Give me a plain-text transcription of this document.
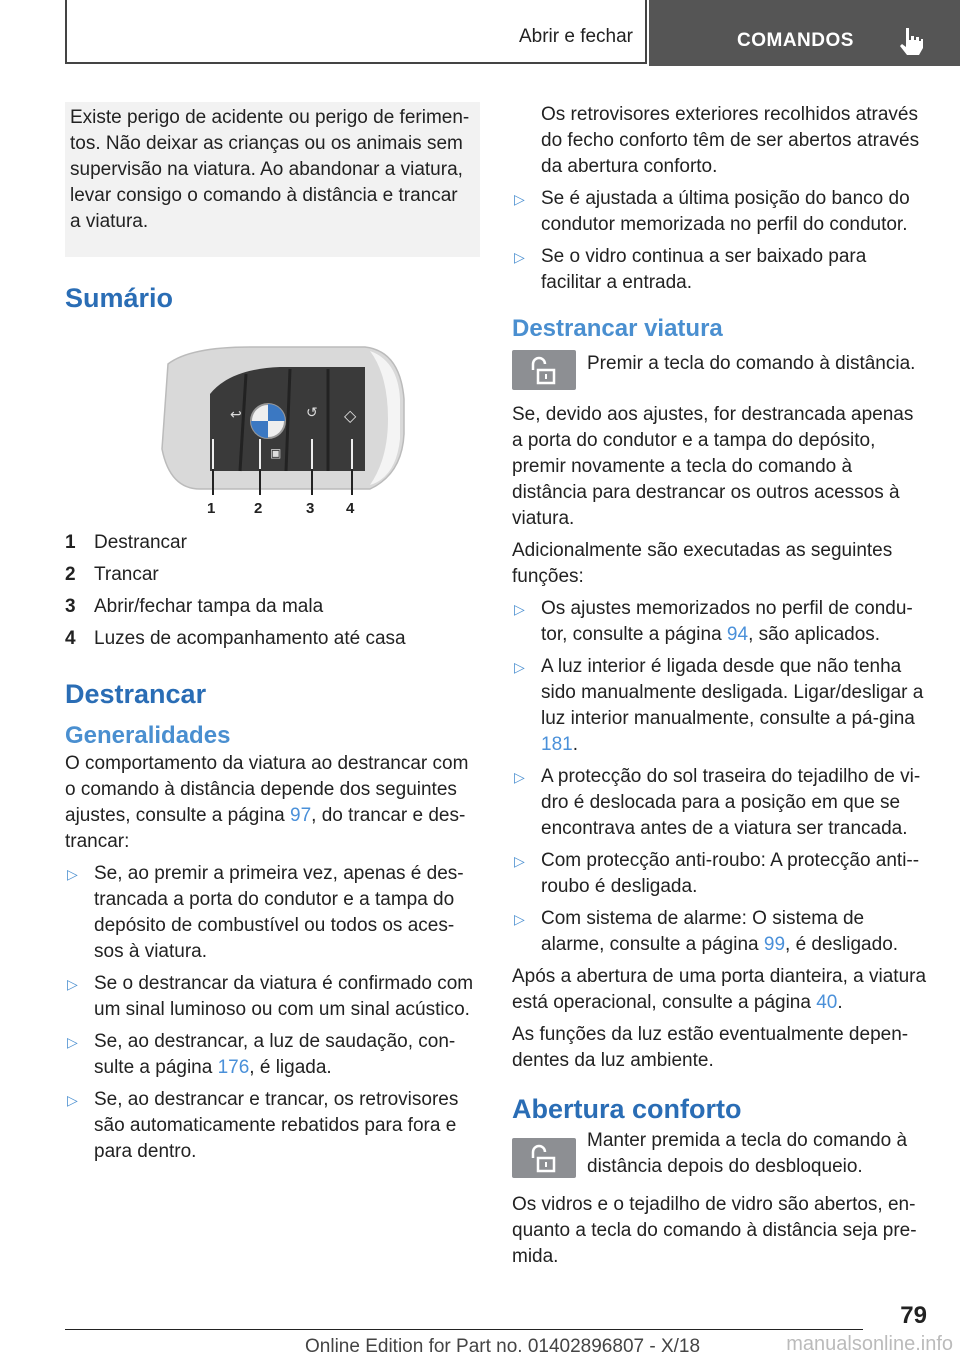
Abrir e fechar	COMANDOS

Existe perigo de acidente ou perigo de ferimen-tos. Não deixar as crianças ou os animais sem supervisão na viatura. Ao abandonar a viatura, levar consigo o comando à distância e trancar a viatura.

Sumário
↩
▣
↺ ◇
1	2	3 4
1 Destrancar
2 Trancar
3 Abrir/fechar tampa da mala
4 Luzes de acompanhamento até casa
Destrancar
Generalidades

O comportamento da viatura ao destrancar com o comando à distância depende dos seguintes ajustes, consulte a página 97, do trancar e des-trancar:

▷ Se, ao premir a primeira vez, apenas é des-trancada a porta do condutor e a tampa do depósito de combustível ou todos os aces-sos à viatura.
▷ Se o destrancar da viatura é confirmado com um sinal luminoso ou com um sinal acústico.
▷ Se, ao destrancar, a luz de saudação, con-sulte a página 176, é ligada.
▷ Se, ao destrancar e trancar, os retrovisores são automaticamente rebatidos para fora e para dentro.

Os retrovisores exteriores recolhidos através do fecho conforto têm de ser abertos através da abertura conforto.

▷ Se é ajustada a última posição do banco do condutor memorizada no perfil do condutor.
▷ Se o vidro continua a ser baixado para facilitar a entrada.
Destrancar viatura

Premir a tecla do comando à distância.

Se, devido aos ajustes, for destrancada apenas a porta do condutor e a tampa do depósito, premir novamente a tecla do comando à distância para destrancar os outros acessos à viatura.

Adicionalmente são executadas as seguintes funções:

▷ Os ajustes memorizados no perfil de condu-tor, consulte a página 94, são aplicados.
▷ A luz interior é ligada desde que não tenha sido manualmente desligada. Ligar/desligar a luz interior manualmente, consulte a pá-gina 181.
▷ A protecção do sol traseira do tejadilho de vi-dro é deslocada para a posição em que se encontrava antes de a viatura ser trancada.
▷ Com protecção anti-roubo: A protecção anti--roubo é desligada.
▷ Com sistema de alarme: O sistema de alarme, consulte a página 99, é desligado.

Após a abertura de uma porta dianteira, a viatura está operacional, consulte a página 40.

As funções da luz estão eventualmente depen-dentes da luz ambiente.

Abertura conforto

Manter premida a tecla do comando à distância depois do desbloqueio.

Os vidros e o tejadilho de vidro são abertos, en-quanto a tecla do comando à distância seja pre-mida.

79
Online Edition for Part no. 01402896807 - X/18	manualsonline.info
